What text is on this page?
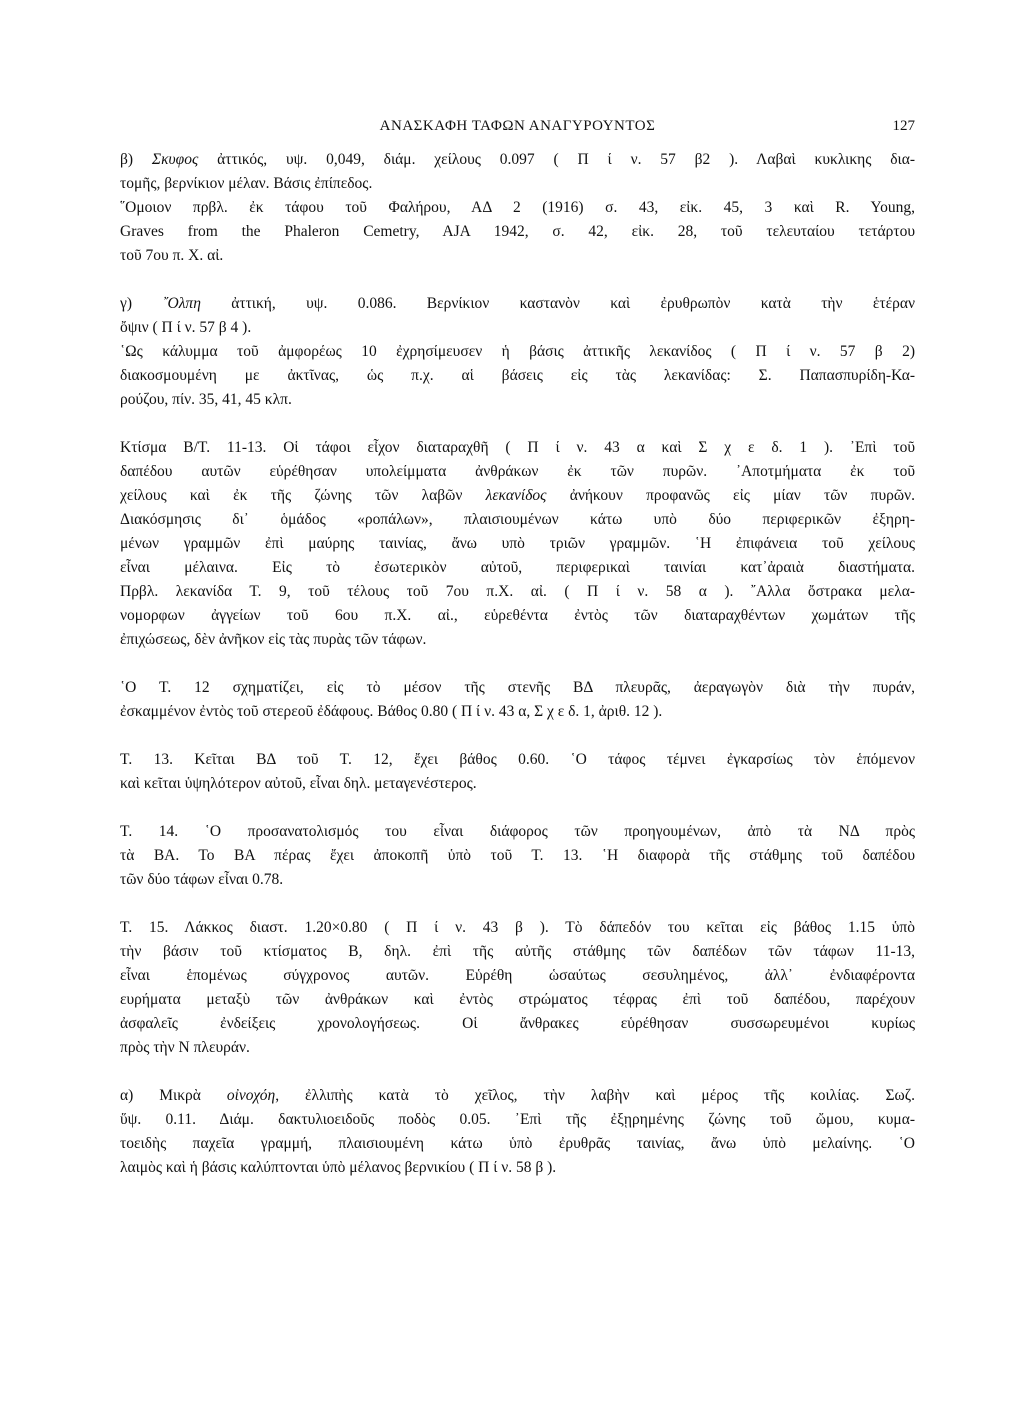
ΑΝΑΣΚΑΦΗ ΤΑΦΩΝ ΑΝΑΓΥΡΟΥΝΤΟΣ	127
β) Σκυφος ἀττικός, υψ. 0,049, διάμ. χείλους 0.097 ( Π ί ν. 57 β2 ). Λαβαὶ κυκλικης δια-
τομῆς, βερνίκιον μέλαν. Βάσις ἐπίπεδος.
῞Ομοιον πρβλ. ἐκ τάφου τοῦ Φαλήρου, ΑΔ 2 (1916) σ. 43, εἰκ. 45, 3 καὶ R. Young,
Graves from the Phaleron Cemetry, AJA 1942, σ. 42, εἰκ. 28, τοῦ τελευταίου τετάρτου
τοῦ 7ου π. Χ. αἰ.
γ) ῎Ολπη ἀττική, υψ. 0.086. Βερνίκιον καστανὸν καὶ ἐρυθρωπὸν κατὰ τὴν ἑτέραν
ὄψιν ( Π ί ν. 57 β 4 ).
῾Ως κάλυμμα τοῦ ἀμφορέως 10 ἐχρησίμευσεν ἡ βάσις ἀττικῆς λεκανίδος ( Π ί ν. 57 β 2)
διακοσμουμένη με ἀκτῖνας, ὡς π.χ. αἱ βάσεις εἰς τὰς λεκανίδας: Σ. Παπασπυρίδη-Κα-
ρούζου, πίν. 35, 41, 45 κλπ.
Κτίσμα Β/Τ. 11-13. Οἱ τάφοι εἶχον διαταραχθῆ ( Π ί ν. 43 α καὶ Σ χ ε δ. 1 ). ᾿Επὶ τοῦ
δαπέδου αυτῶν εὑρέθησαν υπολείμματα ἀνθράκων ἐκ τῶν πυρῶν. ᾿Αποτμήματα ἐκ τοῦ
χείλους καὶ ἐκ τῆς ζώνης τῶν λαβῶν λεκανίδος ἀνήκουν προφανῶς εἰς μίαν τῶν πυρῶν.
Διακόσμησις δι᾿ ὁμάδος «ροπάλων», πλαισιουμένων κάτω υπὸ δύο περιφερικῶν ἐξηρη-
μένων γραμμῶν ἐπὶ μαύρης ταινίας, ἄνω υπὸ τριῶν γραμμῶν. ῾Η ἐπιφάνεια τοῦ χείλους
εἶναι μέλαινα. Εἰς τὸ ἐσωτερικὸν αὐτοῦ, περιφερικαὶ ταινίαι κατ᾿ἀραιὰ διαστήματα.
Πρβλ. λεκανίδα Τ. 9, τοῦ τέλους τοῦ 7ου π.Χ. αἰ. ( Π ί ν. 58 α ). ῎Αλλα ὄστρακα μελα-
νομορφων ἀγγείων τοῦ 6ου π.Χ. αἰ., εὑρεθέντα ἐντὸς τῶν διαταραχθέντων χωμάτων τῆς
ἐπιχώσεως, δὲν ἀνῆκον εἰς τὰς πυρὰς τῶν τάφων.
῾Ο Τ. 12 σχηματίζει, εἰς τὸ μέσον τῆς στενῆς ΒΔ πλευρᾶς, ἀεραγωγὸν διὰ τὴν πυράν,
ἐσκαμμένον ἐντὸς τοῦ στερεοῦ ἐδάφους. Βάθος 0.80 ( Π ί ν. 43 α, Σ χ ε δ. 1, ἀριθ. 12 ).
Τ. 13. Κεῖται ΒΔ τοῦ Τ. 12, ἔχει βάθος 0.60. ῾Ο τάφος τέμνει ἐγκαρσίως τὸν ἑπόμενον
καὶ κεῖται ὑψηλότερον αὐτοῦ, εἶναι δηλ. μεταγενέστερος.
Τ. 14. ῾Ο προσανατολισμός του εἶναι διάφορος τῶν προηγουμένων, ἀπὸ τὰ ΝΔ πρὸς
τὰ ΒΑ. Το ΒΑ πέρας ἔχει ἀποκοπῆ ὑπὸ τοῦ Τ. 13. ῾Η διαφορὰ τῆς στάθμης τοῦ δαπέδου
τῶν δύο τάφων εἶναι 0.78.
Τ. 15. Λάκκος διαστ. 1.20×0.80 ( Π ί ν. 43 β ). Τὸ δάπεδόν του κεῖται εἰς βάθος 1.15 ὑπὸ
τὴν βάσιν τοῦ κτίσματος Β, δηλ. ἐπὶ τῆς αὐτῆς στάθμης τῶν δαπέδων τῶν τάφων 11-13,
εἶναι ἑπομένως σύγχρονος αυτῶν. Εὑρέθη ὡσαύτως σεσυλημένος, ἀλλ᾿ ἐνδιαφέροντα
ευρήματα μεταξὺ τῶν ἀνθράκων καὶ ἐντὸς στρώματος τέφρας ἐπὶ τοῦ δαπέδου, παρέχουν
ἀσφαλεῖς ἐνδείξεις χρονολογήσεως. Οἱ ἄνθρακες εὑρέθησαν συσσωρευμένοι κυρίως
πρὸς τὴν Ν πλευράν.
α) Μικρὰ οἰνοχόη, ἐλλιπὴς κατὰ τὸ χεῖλος, τὴν λαβὴν καὶ μέρος τῆς κοιλίας. Σωζ.
ὕψ. 0.11. Διάμ. δακτυλιοειδοῦς ποδὸς 0.05. ᾿Επὶ τῆς ἐξῃρημένης ζώνης τοῦ ὤμου, κυμα-
τοειδὴς παχεῖα γραμμή, πλαισιουμένη κάτω ὑπὸ ἐρυθρᾶς ταινίας, ἄνω ὑπὸ μελαίνης. ῾Ο
λαιμὸς καὶ ἡ βάσις καλύπτονται ὑπὸ μέλανος βερνικίου ( Π ί ν. 58 β ).
